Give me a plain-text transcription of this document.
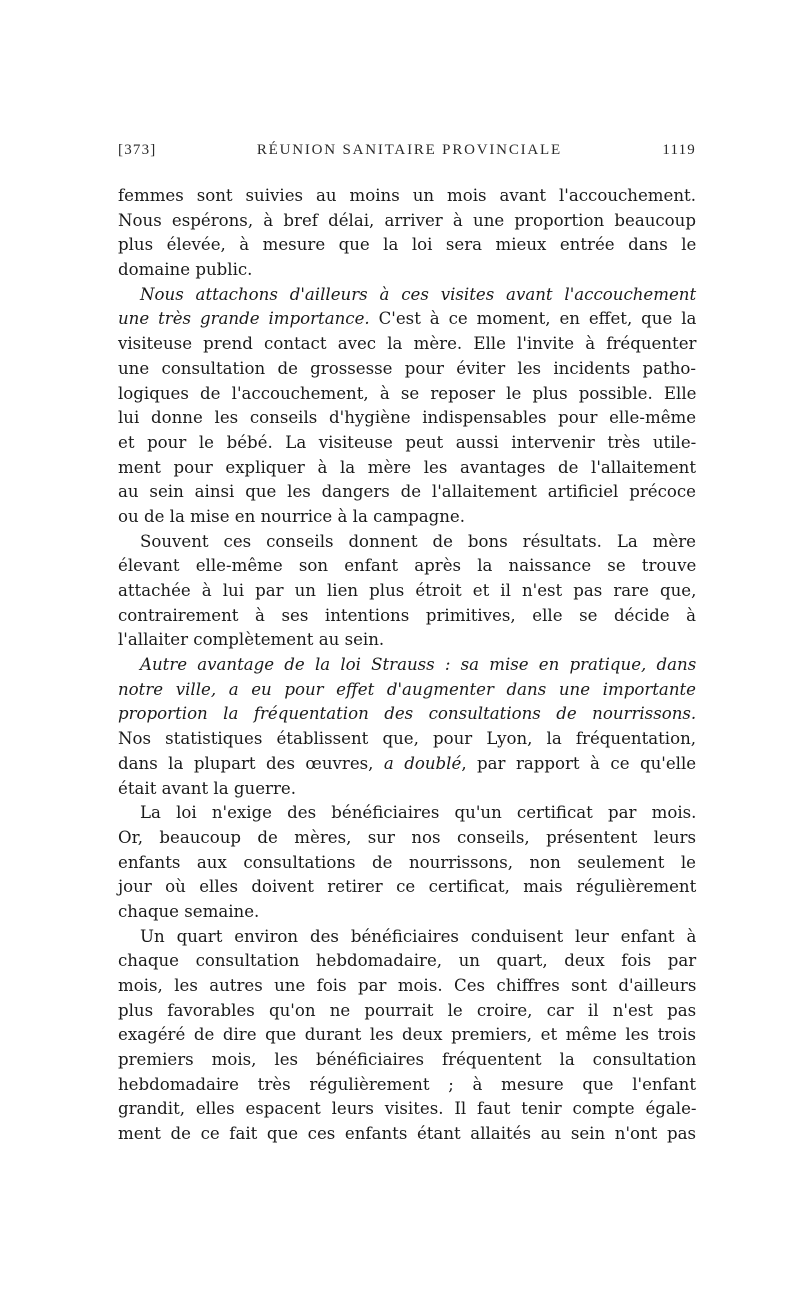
[373]	RÉUNION SANITAIRE PROVINCIALE	1119
femmes sont suivies au moins un mois avant l'accouchement.
Nous espérons, à bref délai, arriver à une proportion beaucoup
plus élevée, à mesure que la loi sera mieux entrée dans le
domaine public.
Nous attachons d'ailleurs à ces visites avant l'accouchement
une très grande importance. C'est à ce moment, en effet, que la
visiteuse prend contact avec la mère. Elle l'invite à fréquenter
une consultation de grossesse pour éviter les incidents patho-
logiques de l'accouchement, à se reposer le plus possible. Elle
lui donne les conseils d'hygiène indispensables pour elle-même
et pour le bébé. La visiteuse peut aussi intervenir très utile-
ment pour expliquer à la mère les avantages de l'allaitement
au sein ainsi que les dangers de l'allaitement artificiel précoce
ou de la mise en nourrice à la campagne.
Souvent ces conseils donnent de bons résultats. La mère
élevant elle-même son enfant après la naissance se trouve
attachée à lui par un lien plus étroit et il n'est pas rare que,
contrairement à ses intentions primitives, elle se décide à
l'allaiter complètement au sein.
Autre avantage de la loi Strauss : sa mise en pratique, dans
notre ville, a eu pour effet d'augmenter dans une importante
proportion la fréquentation des consultations de nourrissons.
Nos statistiques établissent que, pour Lyon, la fréquentation,
dans la plupart des œuvres, a doublé, par rapport à ce qu'elle
était avant la guerre.
La loi n'exige des bénéficiaires qu'un certificat par mois.
Or, beaucoup de mères, sur nos conseils, présentent leurs
enfants aux consultations de nourrissons, non seulement le
jour où elles doivent retirer ce certificat, mais régulièrement
chaque semaine.
Un quart environ des bénéficiaires conduisent leur enfant à
chaque consultation hebdomadaire, un quart, deux fois par
mois, les autres une fois par mois. Ces chiffres sont d'ailleurs
plus favorables qu'on ne pourrait le croire, car il n'est pas
exagéré de dire que durant les deux premiers, et même les trois
premiers mois, les bénéficiaires fréquentent la consultation
hebdomadaire très régulièrement ; à mesure que l'enfant
grandit, elles espacent leurs visites. Il faut tenir compte égale-
ment de ce fait que ces enfants étant allaités au sein n'ont pas
